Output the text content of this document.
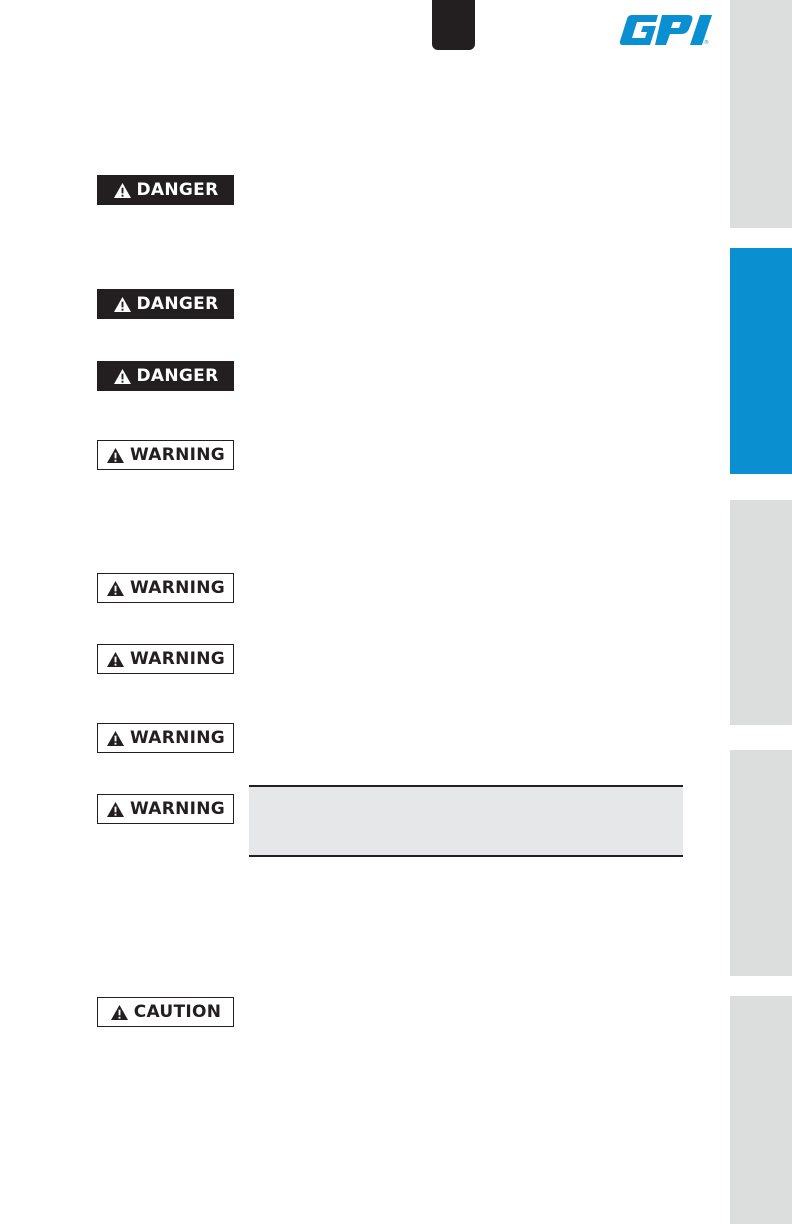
®
DANGER
DANGER
DANGER
WARNING
WARNING
WARNING
WARNING
WARNING
CAUTION
